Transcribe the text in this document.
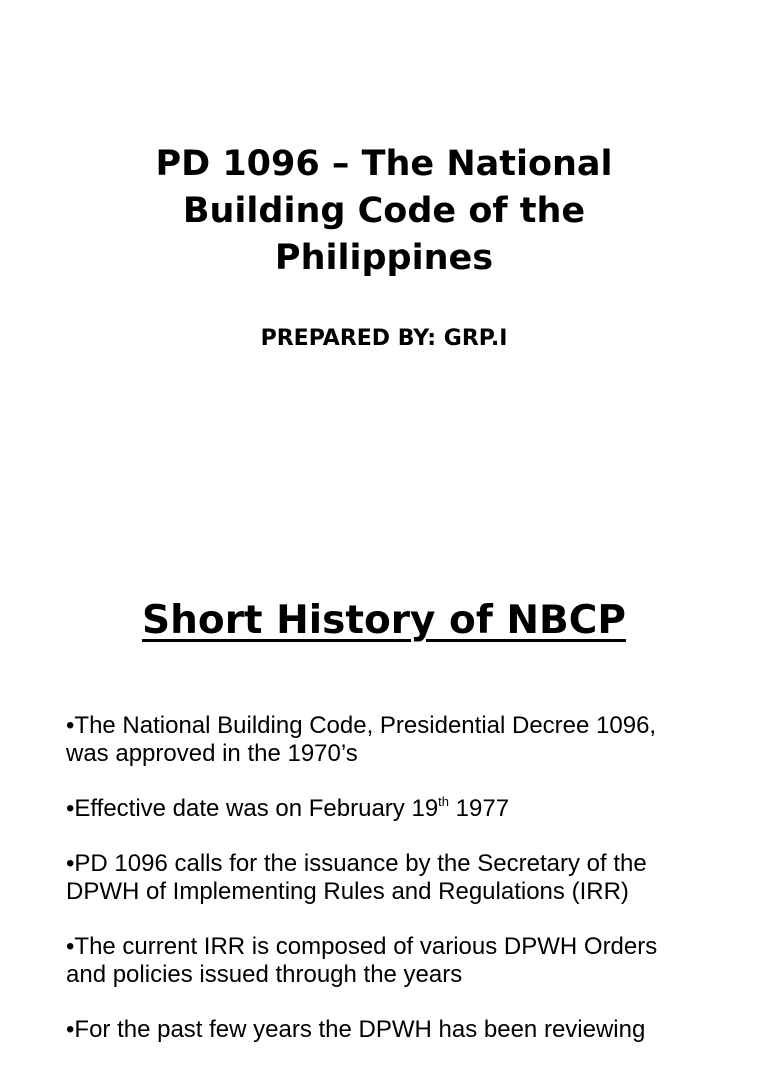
PD 1096 – The National
Building Code of the
Philippines

PREPARED BY: GRP.I

Short History of NBCP
•The National Building Code, Presidential Decree 1096,
was approved in the 1970’s
•Effective date was on February 19th 1977
•PD 1096 calls for the issuance by the Secretary of the
DPWH of Implementing Rules and Regulations (IRR)
•The current IRR is composed of various DPWH Orders
and policies issued through the years
•For the past few years the DPWH has been reviewing
